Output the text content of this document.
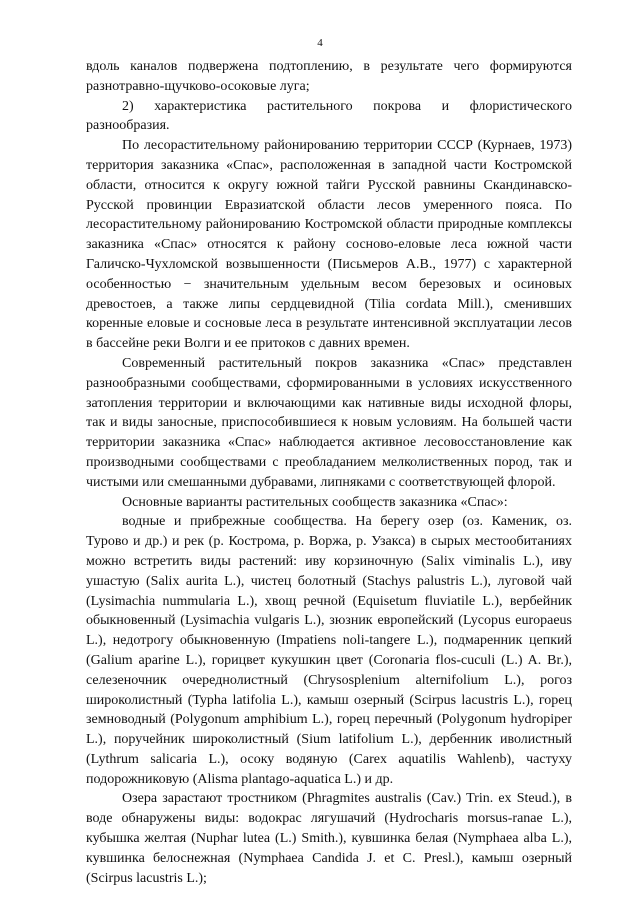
4

вдоль каналов подвержена подтоплению, в результате чего формируются разнотравно-щучково-осоковые луга;

2) характеристика растительного покрова и флористического разнообразия.

По лесорастительному районированию территории СССР (Курнаев, 1973) территория заказника «Спас», расположенная в западной части Костромской области, относится к округу южной тайги Русской равнины Скандинавско-Русской провинции Евразиатской области лесов умеренного пояса. По лесорастительному районированию Костромской области природные комплексы заказника «Спас» относятся к району сосново-еловые леса южной части Галичско-Чухломской возвышенности (Письмеров А.В., 1977) с характерной особенностью − значительным удельным весом березовых и осиновых древостоев, а также липы сердцевидной (Tilia cordata Mill.), сменивших коренные еловые и сосновые леса в результате интенсивной эксплуатации лесов в бассейне реки Волги и ее притоков с давних времен.

Современный растительный покров заказника «Спас» представлен разнообразными сообществами, сформированными в условиях искусственного затопления территории и включающими как нативные виды исходной флоры, так и виды заносные, приспособившиеся к новым условиям. На большей части территории заказника «Спас» наблюдается активное лесовосстановление как производными сообществами с преобладанием мелколиственных пород, так и чистыми или смешанными дубравами, липняками с соответствующей флорой.

Основные варианты растительных сообществ заказника «Спас»:

водные и прибрежные сообщества. На берегу озер (оз. Каменик, оз. Турово и др.) и рек (р. Кострома, р. Воржа, р. Узакса) в сырых местообитаниях можно встретить виды растений: иву корзиночную (Salix viminalis L.), иву ушастую (Salix aurita L.), чистец болотный (Stachys palustris L.), луговой чай (Lysimachia nummularia L.), хвощ речной (Equisetum fluviatile L.), вербейник обыкновенный (Lysimachia vulgaris L.), зюзник европейский (Lycopus europaeus L.), недотрогу обыкновенную (Impatiens noli-tangere L.), подмаренник цепкий (Galium aparine L.), горицвет кукушкин цвет (Coronaria flos-cuculi (L.) A. Br.), селезеночник очереднолистный (Chrysosplenium alternifolium L.), рогоз широколистный (Typha latifolia L.), камыш озерный (Scirpus lacustris L.), горец земноводный (Polygonum amphibium L.), горец перечный (Polygonum hydropiper L.), поручейник широколистный (Sium latifolium L.), дербенник иволистный (Lythrum salicaria L.), осоку водяную (Carex aquatilis Wahlenb), частуху подорожниковую (Alisma plantago-aquatica L.) и др.

Озера зарастают тростником (Phragmites australis (Cav.) Trin. ex Steud.), в воде обнаружены виды: водокрас лягушачий (Hydrocharis morsus-ranae L.), кубышка желтая (Nuphar lutea (L.) Smith.), кувшинка белая (Nymphaea alba L.), кувшинка белоснежная (Nymphaea Candida J. et C. Presl.), камыш озерный (Scirpus lacustris L.);
